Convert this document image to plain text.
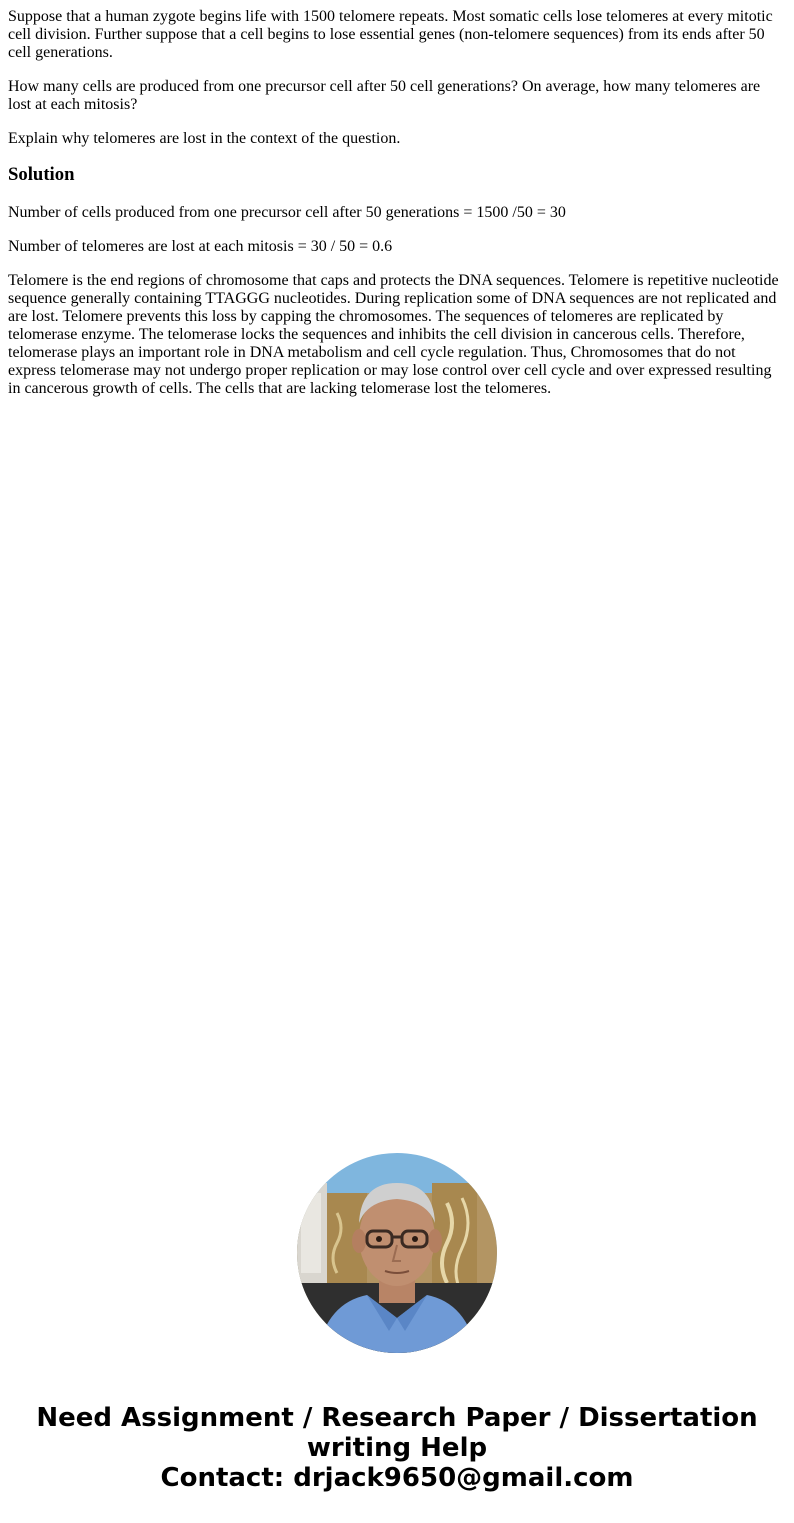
Suppose that a human zygote begins life with 1500 telomere repeats. Most somatic cells lose telomeres at every mitotic cell division. Further suppose that a cell begins to lose essential genes (non-telomere sequences) from its ends after 50 cell generations.

How many cells are produced from one precursor cell after 50 cell generations? On average, how many telomeres are lost at each mitosis?

Explain why telomeres are lost in the context of the question.

Solution

Number of cells produced from one precursor cell after 50 generations = 1500 /50 = 30

Number of telomeres are lost at each mitosis = 30 / 50 = 0.6

Telomere is the end regions of chromosome that caps and protects the DNA sequences. Telomere is repetitive nucleotide sequence generally containing TTAGGG nucleotides. During replication some of DNA sequences are not replicated and are lost. Telomere prevents this loss by capping the chromosomes. The sequences of telomeres are replicated by telomerase enzyme. The telomerase locks the sequences and inhibits the cell division in cancerous cells. Therefore, telomerase plays an important role in DNA metabolism and cell cycle regulation. Thus, Chromosomes that do not express telomerase may not undergo proper replication or may lose control over cell cycle and over expressed resulting in cancerous growth of cells. The cells that are lacking telomerase lost the telomeres.

Need Assignment / Research Paper / Dissertation
writing Help
Contact: drjack9650@gmail.com
